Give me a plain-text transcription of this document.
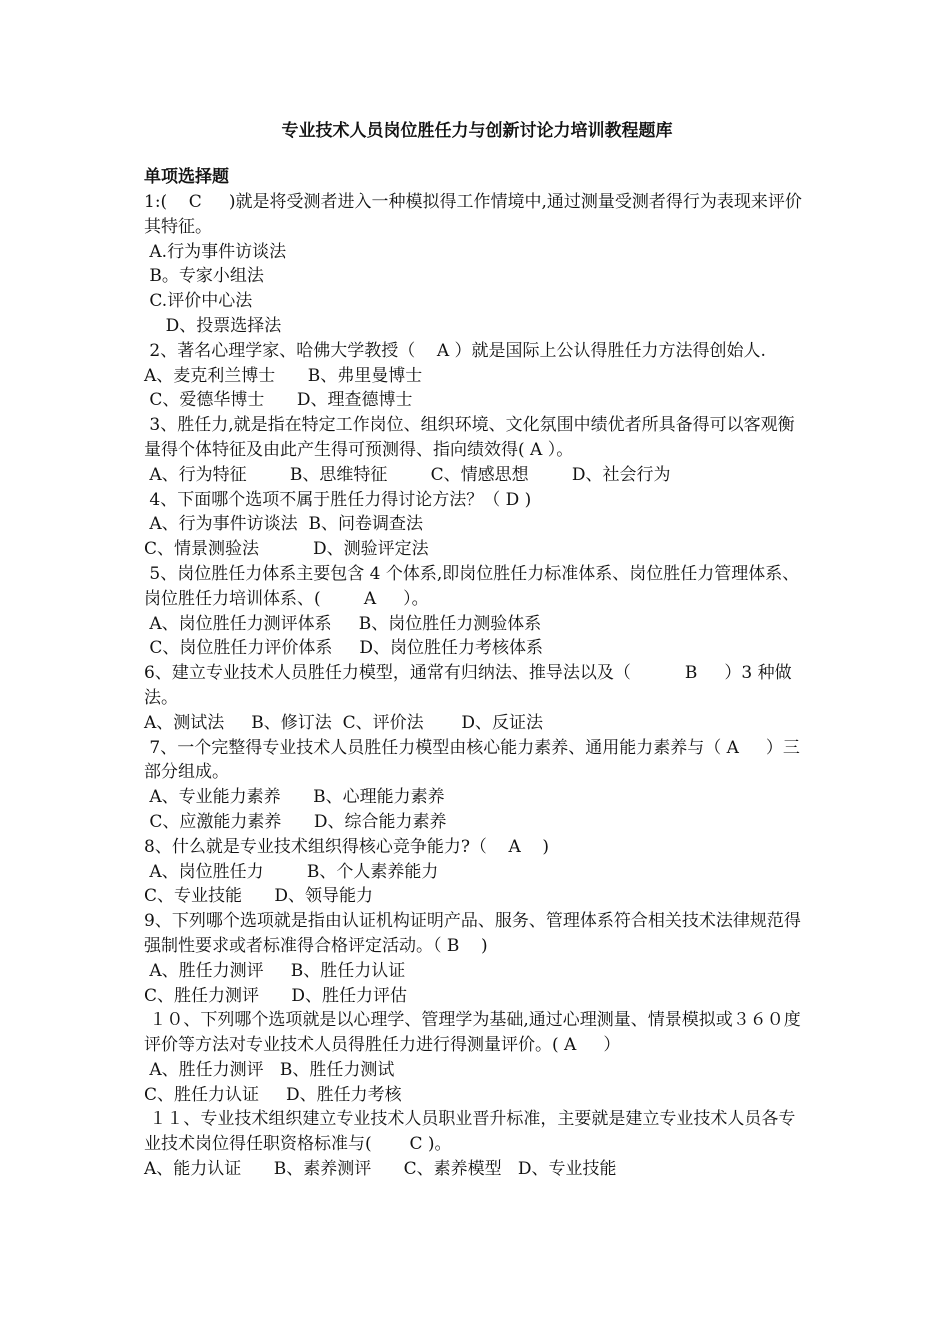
专业技术人员岗位胜任力与创新讨论力培训教程题库

单项选择题

1:(    C     )就是将受测者进入一种模拟得工作情境中,通过测量受测者得行为表现来评价其特征。
A.行为事件访谈法
B。专家小组法
C.评价中心法
D、投票选择法
2、著名心理学家、哈佛大学教授（    A ）就是国际上公认得胜任力方法得创始人.
A、麦克利兰博士      B、弗里曼博士
C、爱德华博士      D、理查德博士
3、胜任力,就是指在特定工作岗位、组织环境、文化氛围中绩优者所具备得可以客观衡量得个体特征及由此产生得可预测得、指向绩效得( A ）。
A、行为特征        B、思维特征        C、情感思想        D、社会行为
4、下面哪个选项不属于胜任力得讨论方法？（ D )
A、行为事件访谈法  B、问卷调查法
C、情景测验法          D、测验评定法
5、岗位胜任力体系主要包含 4 个体系,即岗位胜任力标准体系、岗位胜任力管理体系、岗位胜任力培训体系、(        A     ）。
A、岗位胜任力测评体系     B、岗位胜任力测验体系
C、岗位胜任力评价体系     D、岗位胜任力考核体系
6、建立专业技术人员胜任力模型，通常有归纳法、推导法以及（          B     ）3 种做法。
A、测试法     B、修订法  C、评价法       D、反证法
7、一个完整得专业技术人员胜任力模型由核心能力素养、通用能力素养与（ A     ）三部分组成。
A、专业能力素养      B、心理能力素养
C、应激能力素养      D、综合能力素养
8、什么就是专业技术组织得核心竞争能力?（    A    )
A、岗位胜任力        B、个人素养能力
C、专业技能      D、领导能力
9、下列哪个选项就是指由认证机构证明产品、服务、管理体系符合相关技术法律规范得强制性要求或者标准得合格评定活动。（ B    )
A、胜任力测评     B、胜任力认证
C、胜任力测评      D、胜任力评估
１０、下列哪个选项就是以心理学、管理学为基础,通过心理测量、情景模拟或３６０度评价等方法对专业技术人员得胜任力进行得测量评价。( A     ）
A、胜任力测评   B、胜任力测试
C、胜任力认证     D、胜任力考核
１１、专业技术组织建立专业技术人员职业晋升标准，主要就是建立专业技术人员各专业技术岗位得任职资格标准与(       C )。
A、能力认证      B、素养测评      C、素养模型   D、专业技能
